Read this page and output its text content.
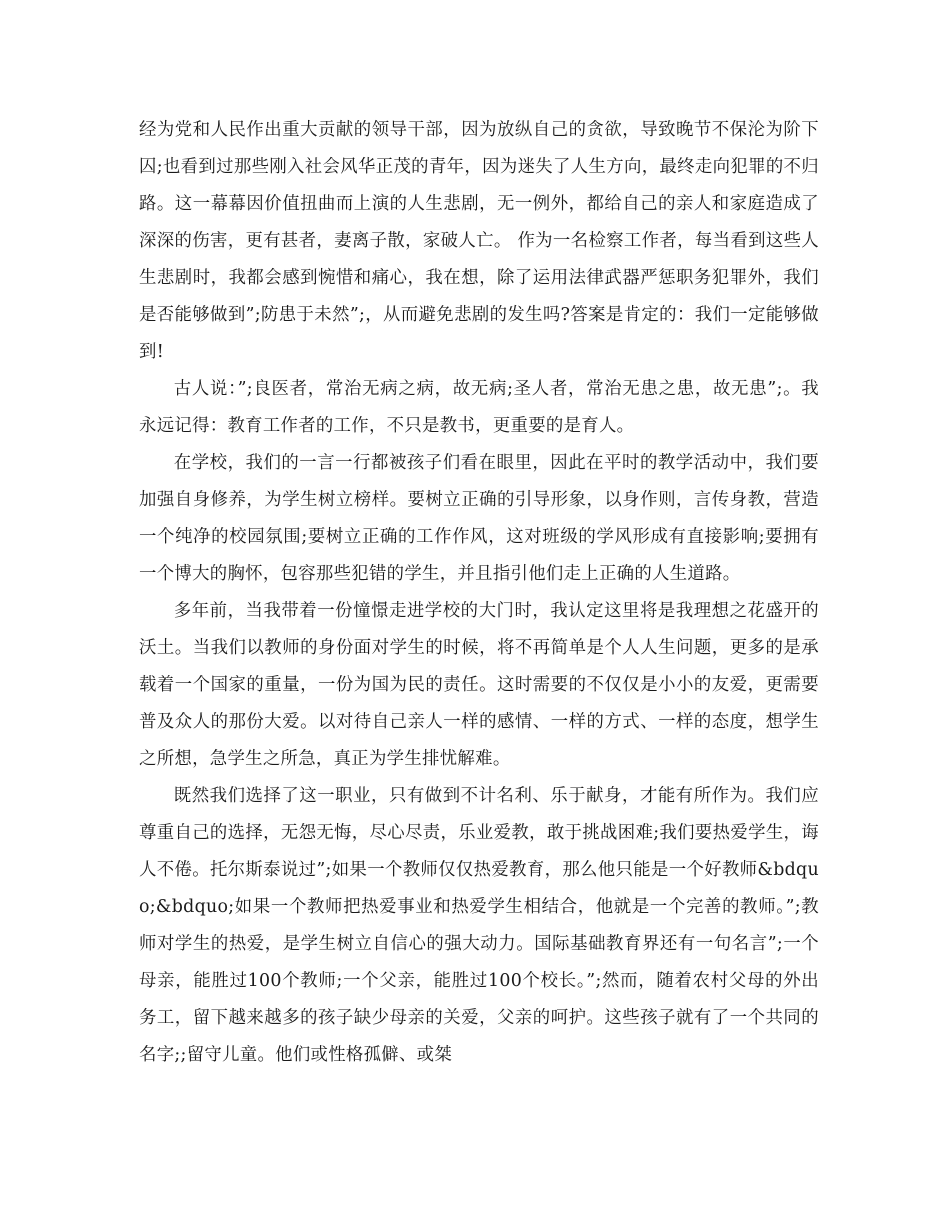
经为党和人民作出重大贡献的领导干部，因为放纵自己的贪欲，导致晚节不保沦为阶下囚;也看到过那些刚入社会风华正茂的青年，因为迷失了人生方向，最终走向犯罪的不归路。这一幕幕因价值扭曲而上演的人生悲剧，无一例外，都给自己的亲人和家庭造成了深深的伤害，更有甚者，妻离子散，家破人亡。 作为一名检察工作者，每当看到这些人生悲剧时，我都会感到惋惜和痛心，我在想，除了运用法律武器严惩职务犯罪外，我们是否能够做到”;防患于未然”;，从而避免悲剧的发生吗?答案是肯定的：我们一定能够做到!

古人说：”;良医者，常治无病之病，故无病;圣人者，常治无患之患，故无患”;。我永远记得：教育工作者的工作，不只是教书，更重要的是育人。

在学校，我们的一言一行都被孩子们看在眼里，因此在平时的教学活动中，我们要加强自身修养，为学生树立榜样。要树立正确的引导形象，以身作则，言传身教，营造一个纯净的校园氛围;要树立正确的工作作风，这对班级的学风形成有直接影响;要拥有一个博大的胸怀，包容那些犯错的学生，并且指引他们走上正确的人生道路。

多年前，当我带着一份憧憬走进学校的大门时，我认定这里将是我理想之花盛开的沃土。当我们以教师的身份面对学生的时候，将不再简单是个人人生问题，更多的是承载着一个国家的重量，一份为国为民的责任。这时需要的不仅仅是小小的友爱，更需要普及众人的那份大爱。以对待自己亲人一样的感情、一样的方式、一样的态度，想学生之所想，急学生之所急，真正为学生排忧解难。

既然我们选择了这一职业，只有做到不计名利、乐于献身，才能有所作为。我们应尊重自己的选择，无怨无悔，尽心尽责，乐业爱教，敢于挑战困难;我们要热爱学生，诲人不倦。托尔斯泰说过”;如果一个教师仅仅热爱教育，那么他只能是一个好教师&bdquo;&bdquo;如果一个教师把热爱事业和热爱学生相结合，他就是一个完善的教师。”;教师对学生的热爱，是学生树立自信心的强大动力。国际基础教育界还有一句名言”;一个母亲，能胜过100个教师;一个父亲，能胜过100个校长。”;然而，随着农村父母的外出务工，留下越来越多的孩子缺少母亲的关爱，父亲的呵护。这些孩子就有了一个共同的名字;;留守儿童。他们或性格孤僻、或桀
